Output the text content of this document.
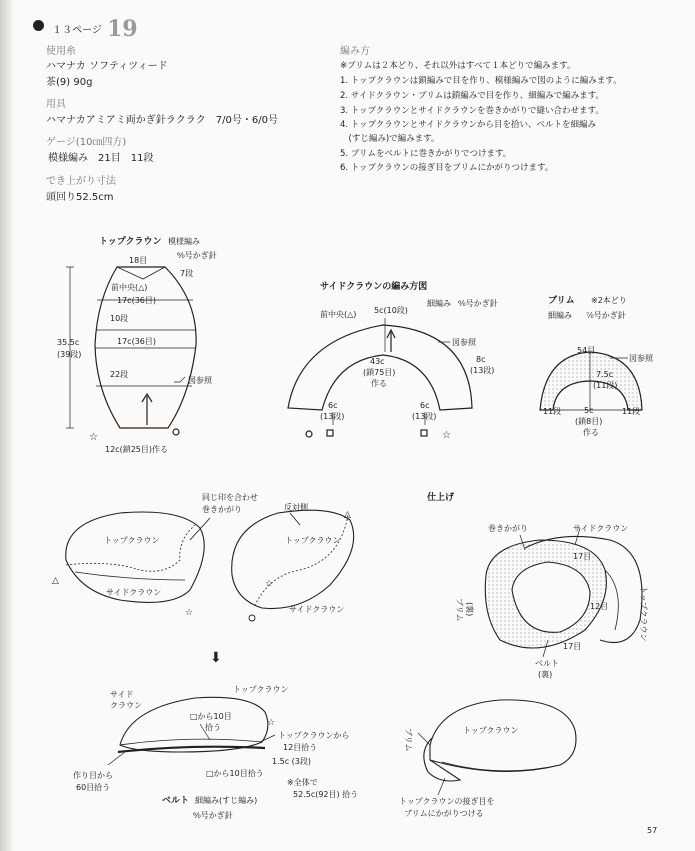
１３ページ 19
使用糸
ハマナカ ソフティツィード
茶(9) 90g
用具
ハマナカアミアミ両かぎ針ラクラク　7/0号・6/0号
ゲージ(10㎝四方)
模様編み　21目　11段
でき上がり寸法
頭回り52.5cm
編み方
※ブリムは２本どり、それ以外はすべて１本どりで編みます。
1. トップクラウンは鎖編みで目を作り、模様編みで図のように編みます。
2. サイドクラウン・ブリムは鎖編みで目を作り、細編みで編みます。
3. トップクラウンとサイドクラウンを巻きかがりで縫い合わせます。
4. トップクラウンとサイドクラウンから目を拾い、ベルトを細編み
　(すじ編み)で編みます。
5. ブリムをベルトに巻きかがりでつけます。
6. トップクラウンの接ぎ目をブリムにかがりつけます。
トップクラウン 模様編み
⁶⁄₀号かぎ針
18目
7段
前中央(△)
17c(36目)
10段
17c(36目)
22段
35.5c
(39段)
図参照
☆
12c(鎖25目)作る
サイドクラウンの編み方図
細編み ⁶⁄₀号かぎ針
前中央(△) 5c(10段)
図参照
43c
(鎖75目)
作る
8c
(13段)
6c
(13段)
6c
(13段)
☆
ブリム ※2本どり
細編み ⁷⁄₀号かぎ針
54目
図参照
7.5c
(11段)
11段	11段
5c
(鎖8目)
作る
△
☆
☆
△
同じ印を合わせ
巻きかがり	反対側
トップクラウン
サイドクラウン
トップクラウン
サイドクラウン
⬇
☆
サイド
クラウン
トップクラウン
□から10目
拾う
トップクラウンから
12目拾う
作り目から
60目拾う
□から10目拾う
1.5c (3段)
※全体で
52.5c(92目) 拾う
ベルト 細編み(すじ編み)
⁶⁄₀号かぎ針
仕上げ
巻きかがり	サイドクラウン
17目
12目
17目
トップクラウン
ブリム (裏)
ベルト
(裏)
トップクラウン
ブリム
トップクラウンの接ぎ目を
ブリムにかがりつける
57
